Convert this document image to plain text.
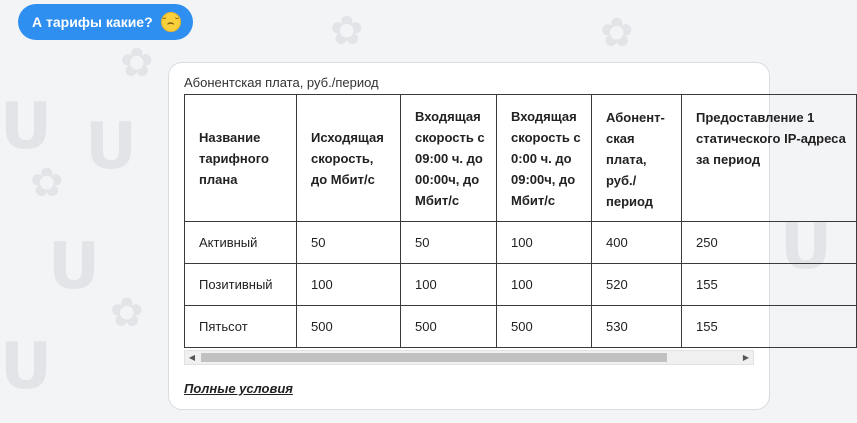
U U
U
U
U
✿
✿
✿
✿	✿
А тарифы какие? ˘⌢˘
Абонентская плата, руб./период
Название тарифного плана	Исходящая скорость, до Мбит/с	Входящая скорость с 09:00 ч. до 00:00ч, до Мбит/с	Входящая скорость с 0:00 ч. до 09:00ч, до Мбит/с	Абонент-ская плата, руб./ период	Предоставление 1 статического IP-адреса за период
Активный	50	50	100	400	250
Позитивный	100	100	100	520	155
Пятьсот	500	500	500	530	155
◀	▶
Полные условия
